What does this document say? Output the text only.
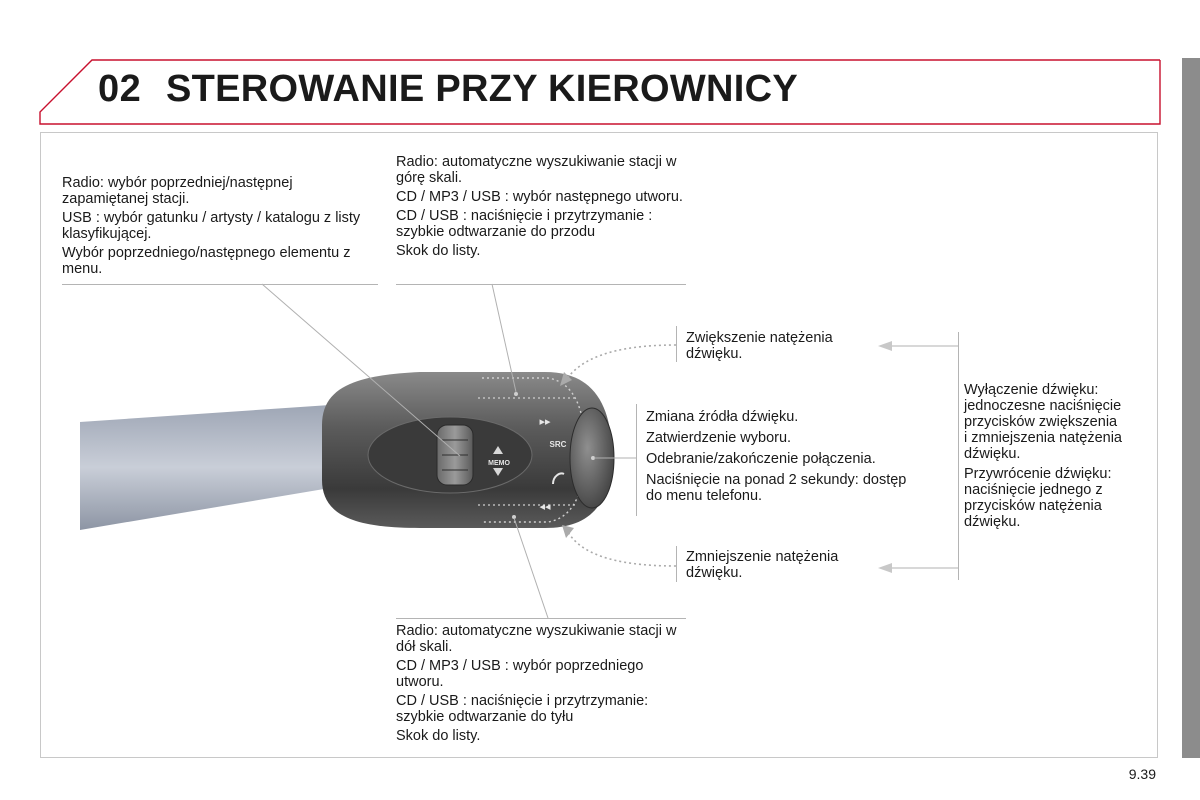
02 STEROWANIE PRZY KIEROWNICY
MEMO
▸▸
◂◂
SRC

Radio: wybór poprzedniej/następnej zapamiętanej stacji.

USB : wybór gatunku / artysty / katalogu z listy klasyfikującej.

Wybór poprzedniego/następnego elementu z menu.

Radio: automatyczne wyszukiwanie stacji w górę skali.

CD / MP3 / USB : wybór następnego utworu.

CD / USB : naciśnięcie i przytrzymanie : szybkie odtwarzanie do przodu

Skok do listy.

Zwiększenie natężenia dźwięku.

Zmiana źródła dźwięku.

Zatwierdzenie wyboru.

Odebranie/zakończenie połączenia.

Naciśnięcie na ponad 2 sekundy: dostęp do menu telefonu.

Zmniejszenie natężenia dźwięku.

Wyłączenie dźwięku: jednoczesne naciśnięcie przycisków zwiększenia i zmniejszenia natężenia dźwięku.

Przywrócenie dźwięku: naciśnięcie jednego z przycisków natężenia dźwięku.

Radio: automatyczne wyszukiwanie stacji w dół skali.

CD / MP3 / USB : wybór poprzedniego utworu.

CD / USB : naciśnięcie i przytrzymanie: szybkie odtwarzanie do tyłu

Skok do listy.

9.39
